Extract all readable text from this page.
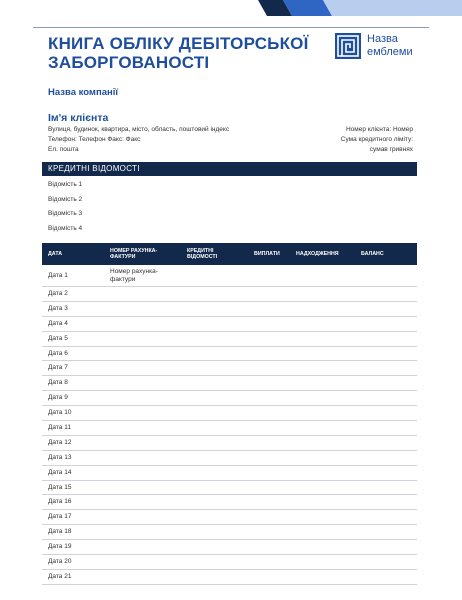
КНИГА ОБЛІКУ ДЕБІТОРСЬКОЇ
ЗАБОРГОВАНОСТІ
Назва
емблеми
Назва компанії
Ім'я клієнта
Вулиця, будинок, квартира, місто, область, поштовий індекс
Телефон: Телефон Факс: Факс
Ел. пошта
Номер клієнта: Номер
Сума кредитного ліміту:
сумав гривнях
КРЕДИТНІ ВІДОМОСТІ
Відомість 1
Відомість 2
Відомість 3
Відомість 4
ДАТА
НОМЕР РАХУНКА-
ФАКТУРИ
КРЕДИТНІ
ВІДОМОСТІ
ВИПЛАТИ	НАДХОДЖЕННЯ	БАЛАНС
Дата 1
Номер рахунка-
фактури
Дата 2
Дата 3
Дата 4
Дата 5
Дата 6
Дата 7
Дата 8
Дата 9
Дата 10
Дата 11
Дата 12
Дата 13
Дата 14
Дата 15
Дата 16
Дата 17
Дата 18
Дата 19
Дата 20
Дата 21
